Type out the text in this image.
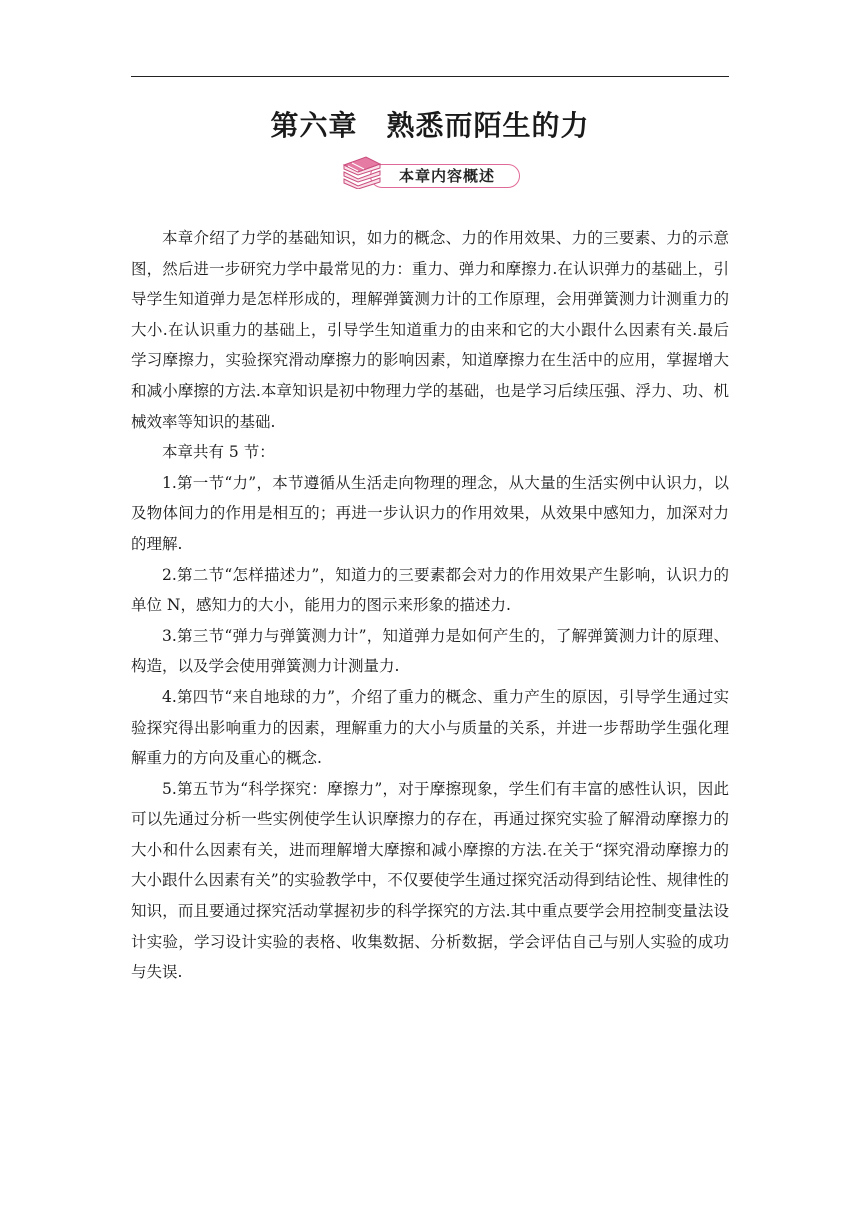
第六章　熟悉而陌生的力
本章内容概述

本章介绍了力学的基础知识，如力的概念、力的作用效果、力的三要素、力的示意图，然后进一步研究力学中最常见的力：重力、弹力和摩擦力.在认识弹力的基础上，引导学生知道弹力是怎样形成的，理解弹簧测力计的工作原理，会用弹簧测力计测重力的大小.在认识重力的基础上，引导学生知道重力的由来和它的大小跟什么因素有关.最后学习摩擦力，实验探究滑动摩擦力的影响因素，知道摩擦力在生活中的应用，掌握增大和减小摩擦的方法.本章知识是初中物理力学的基础，也是学习后续压强、浮力、功、机械效率等知识的基础.

本章共有 5 节：

1.第一节“力”，本节遵循从生活走向物理的理念，从大量的生活实例中认识力，以及物体间力的作用是相互的；再进一步认识力的作用效果，从效果中感知力，加深对力的理解.

2.第二节“怎样描述力”，知道力的三要素都会对力的作用效果产生影响，认识力的单位 N，感知力的大小，能用力的图示来形象的描述力.

3.第三节“弹力与弹簧测力计”，知道弹力是如何产生的，了解弹簧测力计的原理、构造，以及学会使用弹簧测力计测量力.

4.第四节“来自地球的力”，介绍了重力的概念、重力产生的原因，引导学生通过实验探究得出影响重力的因素，理解重力的大小与质量的关系，并进一步帮助学生强化理解重力的方向及重心的概念.

5.第五节为“科学探究：摩擦力”，对于摩擦现象，学生们有丰富的感性认识，因此可以先通过分析一些实例使学生认识摩擦力的存在，再通过探究实验了解滑动摩擦力的大小和什么因素有关，进而理解增大摩擦和减小摩擦的方法.在关于“探究滑动摩擦力的大小跟什么因素有关”的实验教学中，不仅要使学生通过探究活动得到结论性、规律性的知识，而且要通过探究活动掌握初步的科学探究的方法.其中重点要学会用控制变量法设计实验，学习设计实验的表格、收集数据、分析数据，学会评估自己与别人实验的成功与失误.
